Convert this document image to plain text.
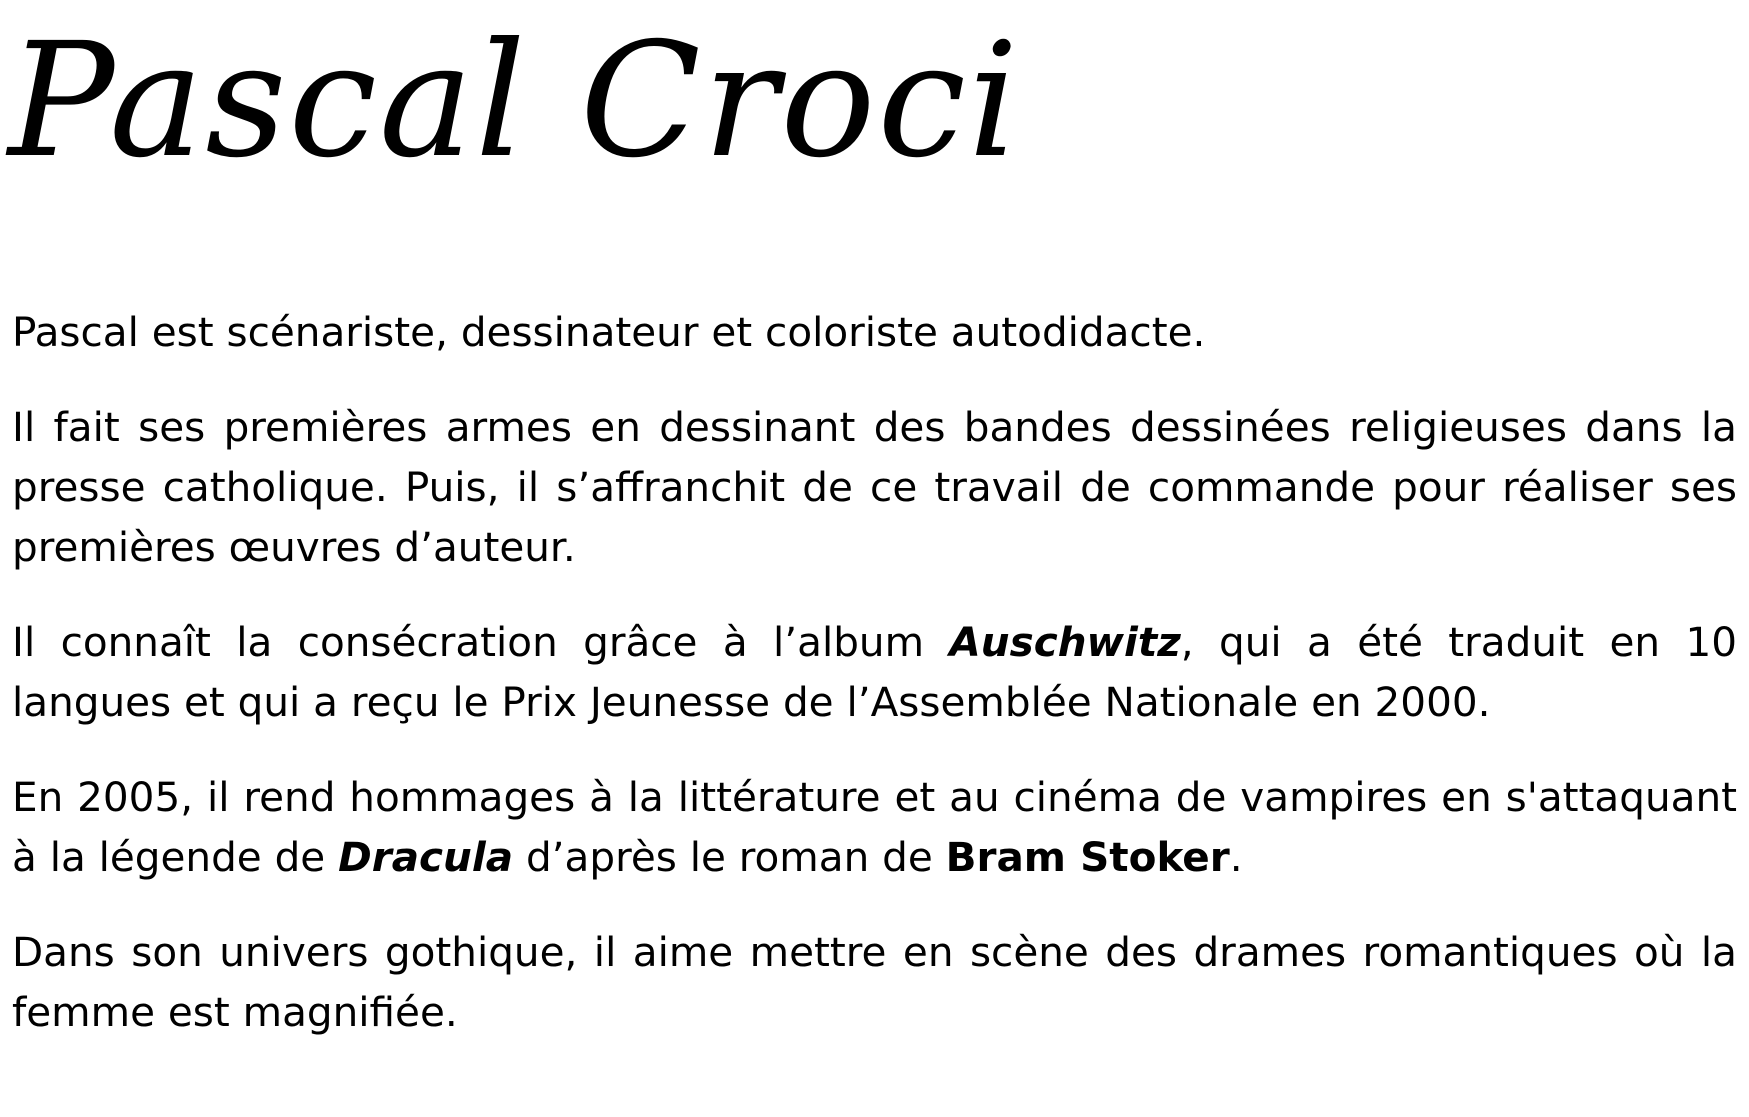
Pascal Croci

Pascal est scénariste, dessinateur et coloriste autodidacte.

Il fait ses premières armes en dessinant des bandes dessinées religieuses dans la presse catholique. Puis, il s’affranchit de ce travail de commande pour réaliser ses premières œuvres d’auteur.

Il connaît la consécration grâce à l’album Auschwitz, qui a été traduit en 10 langues et qui a reçu le Prix Jeunesse de l’Assemblée Nationale en 2000.

En 2005, il rend hommages à la littérature et au cinéma de vampires en s'attaquant à la légende de Dracula d’après le roman de Bram Stoker.

Dans son univers gothique, il aime mettre en scène des drames romantiques où la femme est magnifiée.
